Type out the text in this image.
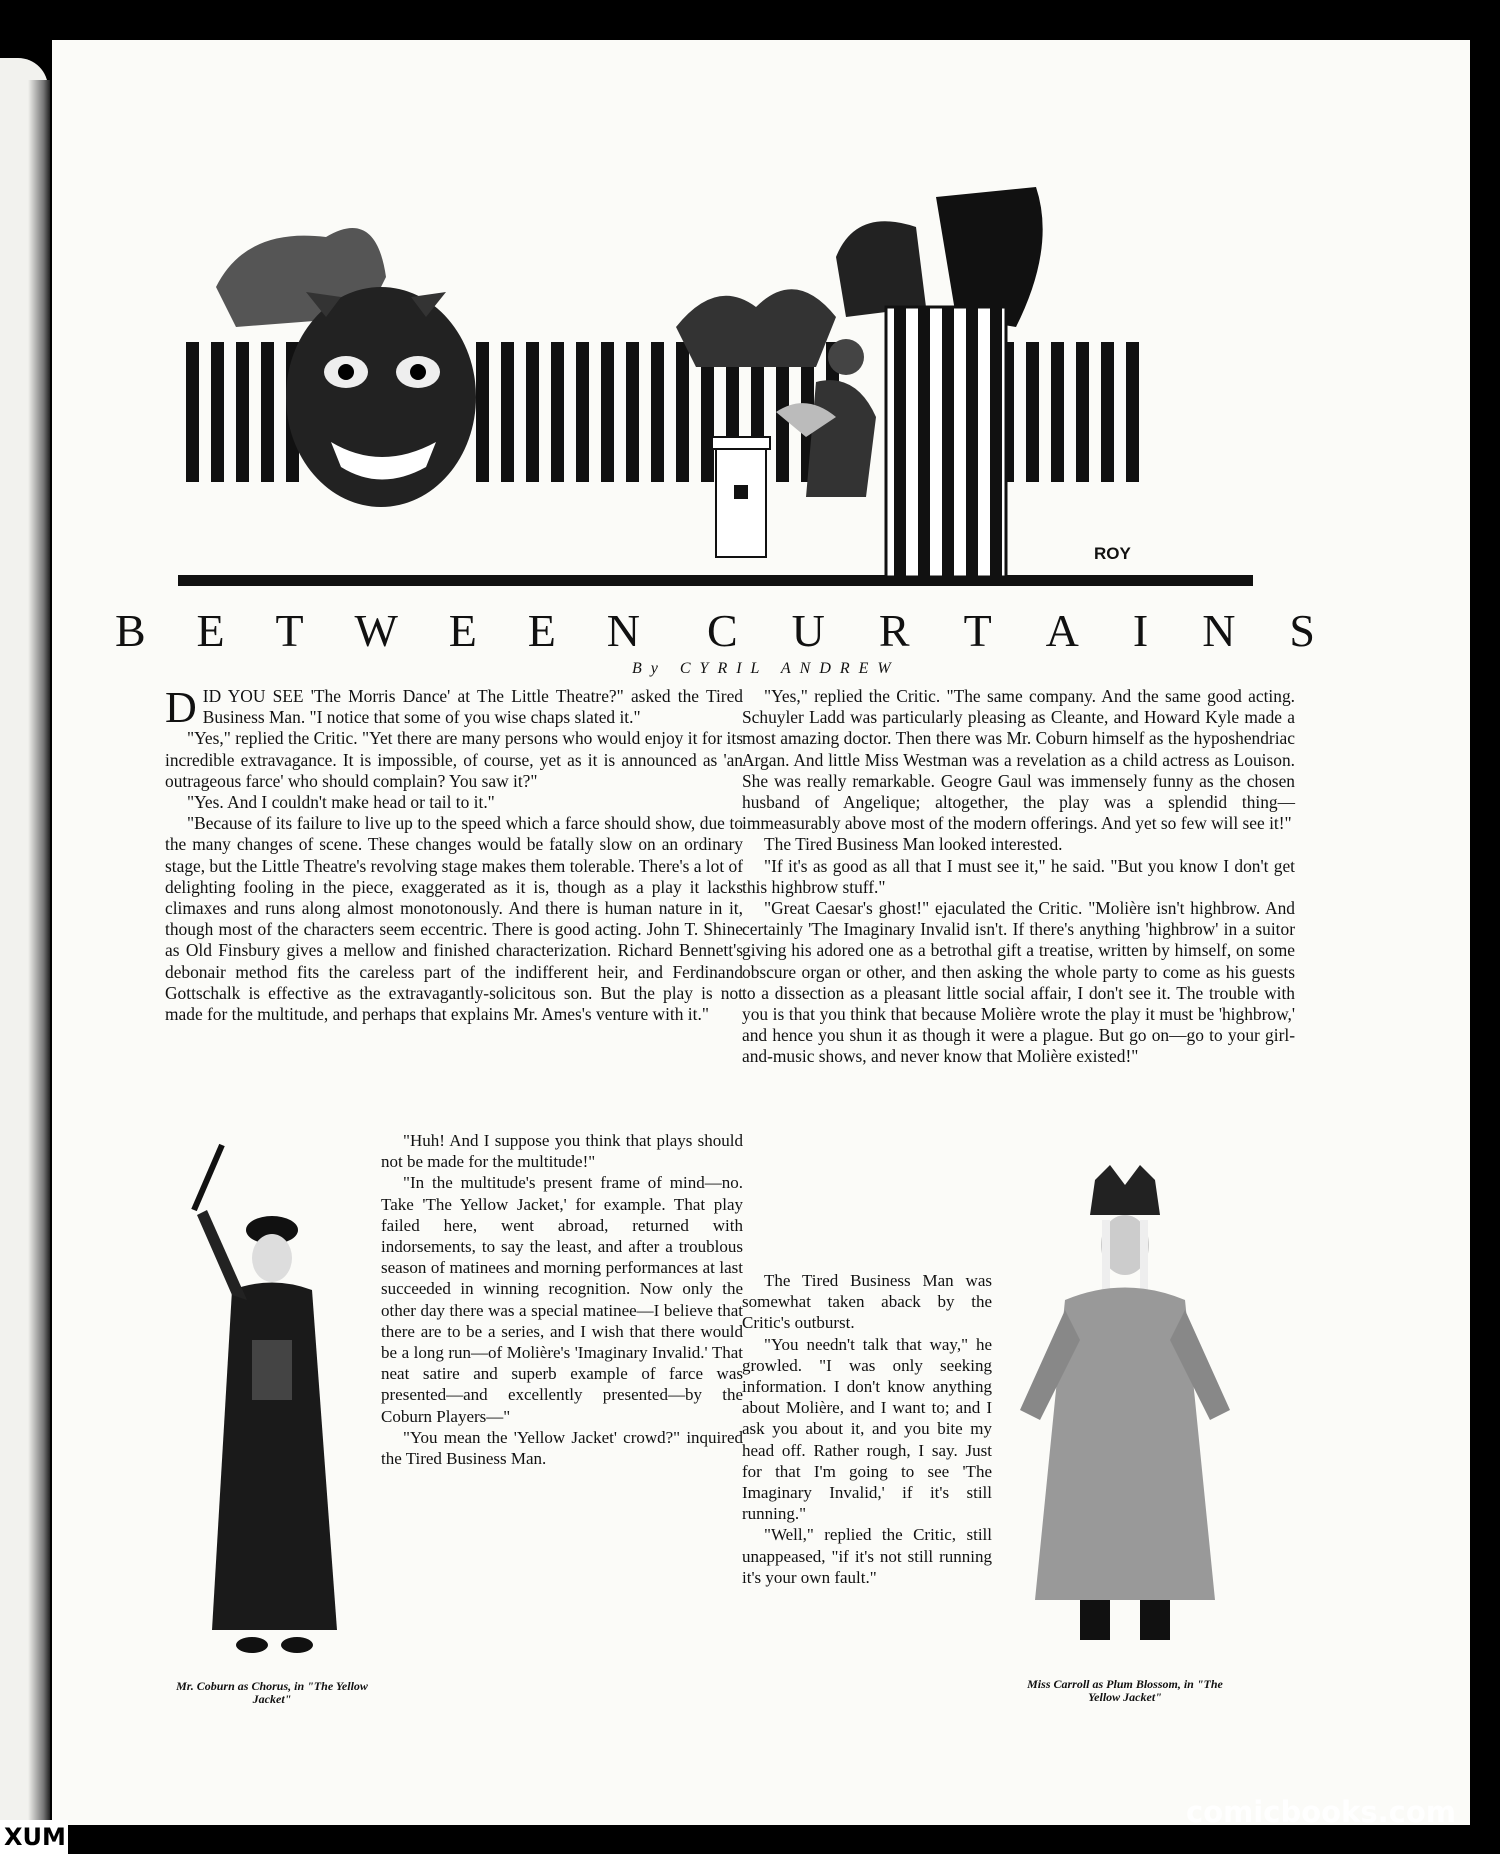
ROY
B E T W E E N C U R T A I N S
By CYRIL ANDREW

DID YOU SEE 'The Morris Dance' at The Little Theatre?" asked the Tired Business Man. "I notice that some of you wise chaps slated it."

"Yes," replied the Critic. "Yet there are many persons who would enjoy it for its incredible extravagance. It is impossible, of course, yet as it is announced as 'an outrageous farce' who should complain? You saw it?"

"Yes. And I couldn't make head or tail to it."

"Because of its failure to live up to the speed which a farce should show, due to the many changes of scene. These changes would be fatally slow on an ordinary stage, but the Little Theatre's revolving stage makes them tolerable. There's a lot of delighting fooling in the piece, exaggerated as it is, though as a play it lacks climaxes and runs along almost monotonously. And there is human nature in it, though most of the characters seem eccentric. There is good acting. John T. Shine as Old Finsbury gives a mellow and finished characterization. Richard Bennett's debonair method fits the careless part of the indifferent heir, and Ferdinand Gottschalk is effective as the extravagantly-solicitous son. But the play is not made for the multitude, and perhaps that explains Mr. Ames's venture with it."

"Huh! And I suppose you think that plays should not be made for the multitude!"

"In the multitude's present frame of mind—no. Take 'The Yellow Jacket,' for example. That play failed here, went abroad, returned with indorsements, to say the least, and after a troublous season of matinees and morning performances at last succeeded in winning recognition. Now only the other day there was a special matinee—I believe that there are to be a series, and I wish that there would be a long run—of Molière's 'Imaginary Invalid.' That neat satire and superb example of farce was presented—and excellently presented—by the Coburn Players—"

"You mean the 'Yellow Jacket' crowd?" inquired the Tired Business Man.

Mr. Coburn as Chorus, in "The Yellow Jacket"

"Yes," replied the Critic. "The same company. And the same good acting. Schuyler Ladd was particularly pleasing as Cleante, and Howard Kyle made a most amazing doctor. Then there was Mr. Coburn himself as the hyposhendriac Argan. And little Miss Westman was a revelation as a child actress as Louison. She was really remarkable. Geogre Gaul was immensely funny as the chosen husband of Angelique; altogether, the play was a splendid thing—immeasurably above most of the modern offerings. And yet so few will see it!"

The Tired Business Man looked interested.

"If it's as good as all that I must see it," he said. "But you know I don't get this highbrow stuff."

"Great Caesar's ghost!" ejaculated the Critic. "Molière isn't highbrow. And certainly 'The Imaginary Invalid isn't. If there's anything 'highbrow' in a suitor giving his adored one as a betrothal gift a treatise, written by himself, on some obscure organ or other, and then asking the whole party to come as his guests to a dissection as a pleasant little social affair, I don't see it. The trouble with you is that you think that because Molière wrote the play it must be 'highbrow,' and hence you shun it as though it were a plague. But go on—go to your girl-and-music shows, and never know that Molière existed!"

The Tired Business Man was somewhat taken aback by the Critic's outburst.

"You needn't talk that way," he growled. "I was only seeking information. I don't know anything about Molière, and I want to; and I ask you about it, and you bite my head off. Rather rough, I say. Just for that I'm going to see 'The Imaginary Invalid,' if it's still running."

"Well," replied the Critic, still unappeased, "if it's not still running it's your own fault."

Miss Carroll as Plum Blossom, in "The Yellow Jacket"
comicbooks.com
XUM
